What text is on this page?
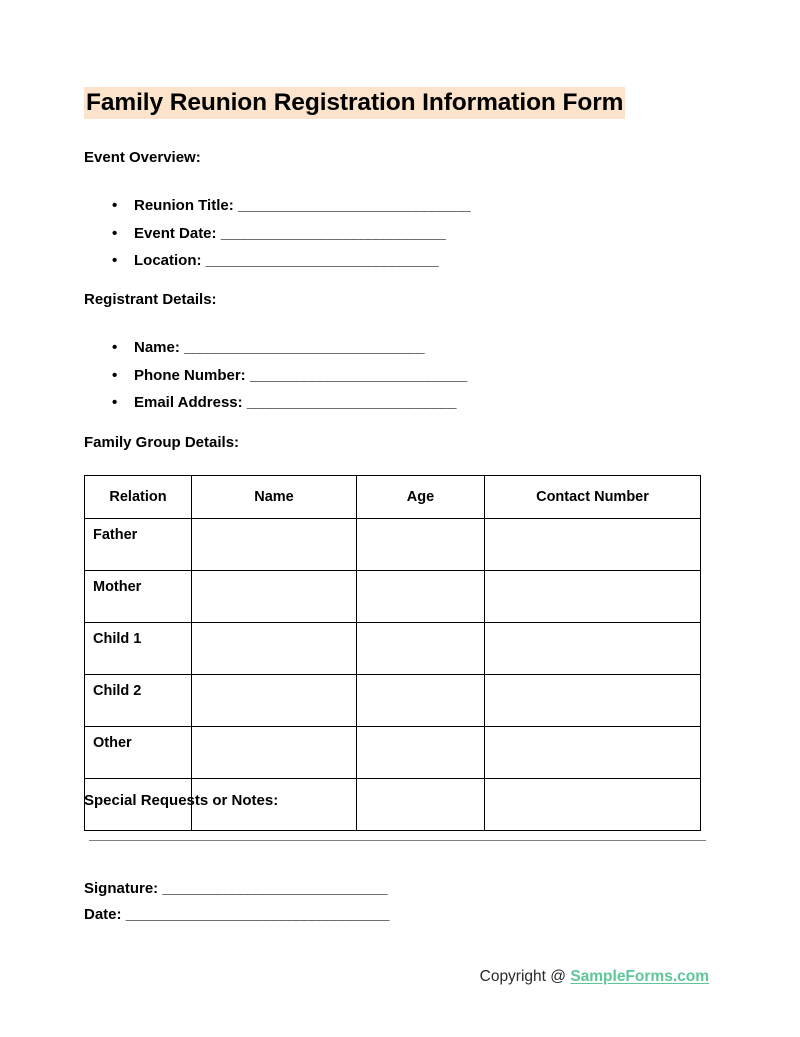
Family Reunion Registration Information Form
Event Overview:
• Reunion Title: ______________________________
• Event Date: _____________________________
• Location: ______________________________
Registrant Details:
• Name: _______________________________
• Phone Number: ____________________________
• Email Address: ___________________________
Family Group Details:
Relation	Name	Age	Contact Number
Father			
Mother			
Child 1			
Child 2			
Other			

Special Requests or Notes:
Signature: _____________________________
Date: __________________________________
Copyright @ SampleForms.com
